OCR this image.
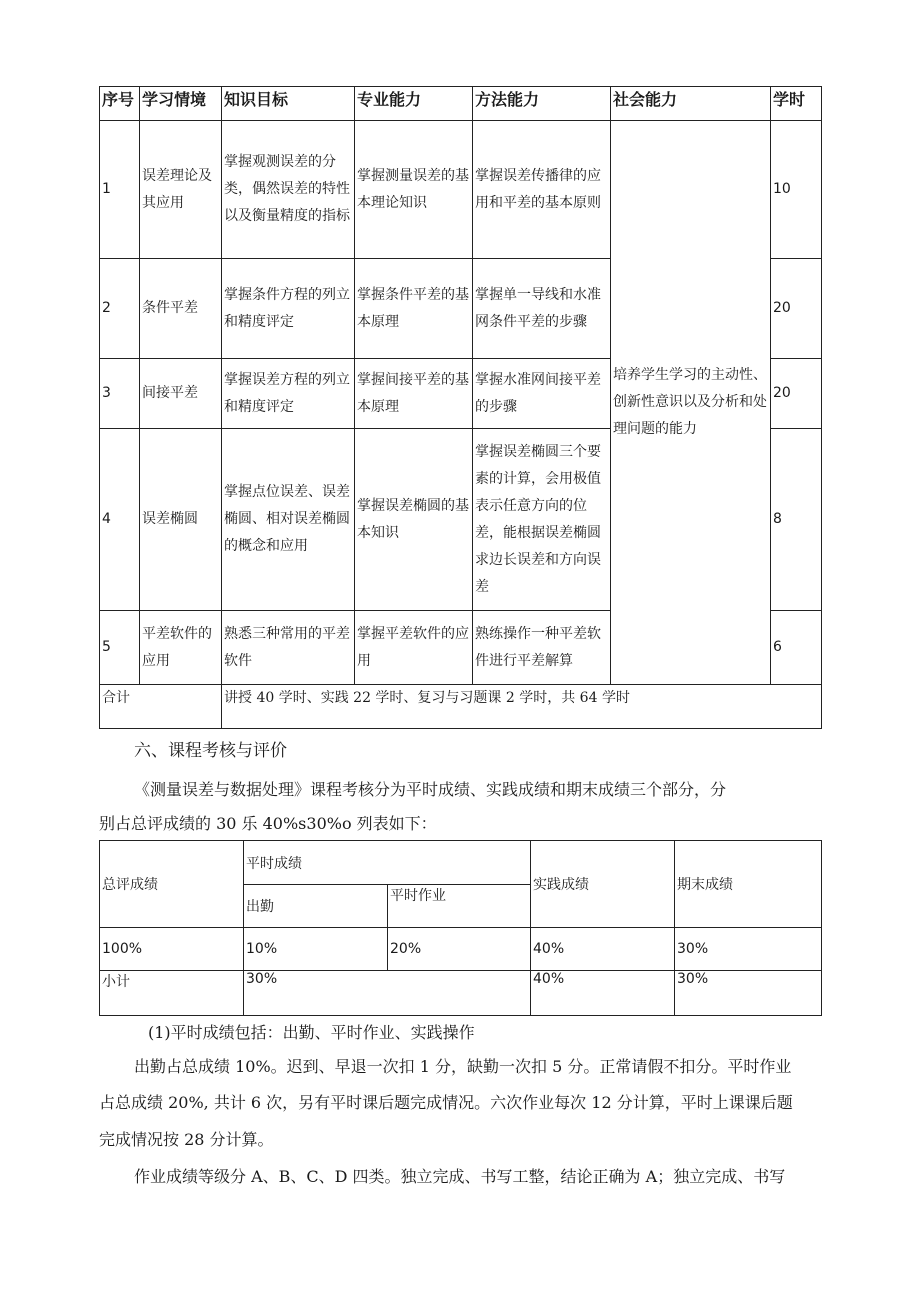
序号	学习情境	知识目标	专业能力	方法能力	社会能力	学时
1	误差理论及其应用	掌握观测误差的分类，偶然误差的特性以及衡量精度的指标	掌握测量误差的基本理论知识	掌握误差传播律的应用和平差的基本原则	培养学生学习的主动性、创新性意识以及分析和处理问题的能力	10
2	条件平差	掌握条件方程的列立和精度评定	掌握条件平差的基本原理	掌握单一导线和水准网条件平差的步骤		20
3	间接平差	掌握误差方程的列立和精度评定	掌握间接平差的基本原理	掌握水准网间接平差的步骤		20
4	误差椭圆	掌握点位误差、误差椭圆、相对误差椭圆的概念和应用	掌握误差椭圆的基本知识	掌握误差椭圆三个要素的计算，会用极值表示任意方向的位差，能根据误差椭圆求边长误差和方向误差		8
5	平差软件的应用	熟悉三种常用的平差软件	掌握平差软件的应用	熟练操作一种平差软件进行平差解算		6
合计		讲授 40 学时、实践 22 学时、复习与习题课 2 学时，共 64 学时				
六、课程考核与评价
《测量误差与数据处理》课程考核分为平时成绩、实践成绩和期末成绩三个部分，分
别占总评成绩的 30 乐 40%s30%o 列表如下：
总评成绩	平时成绩		实践成绩	期末成绩
	出勤	平时作业		
100%	10%	20%	40%	30%
小计	30%		40%	30%
(1)平时成绩包括：出勤、平时作业、实践操作
出勤占总成绩 10%。迟到、早退一次扣 1 分，缺勤一次扣 5 分。正常请假不扣分。平时作业
占总成绩 20%, 共计 6 次，另有平时课后题完成情况。六次作业每次 12 分计算，平时上课课后题
完成情况按 28 分计算。
作业成绩等级分 A、B、C、D 四类。独立完成、书写工整，结论正确为 A；独立完成、书写
